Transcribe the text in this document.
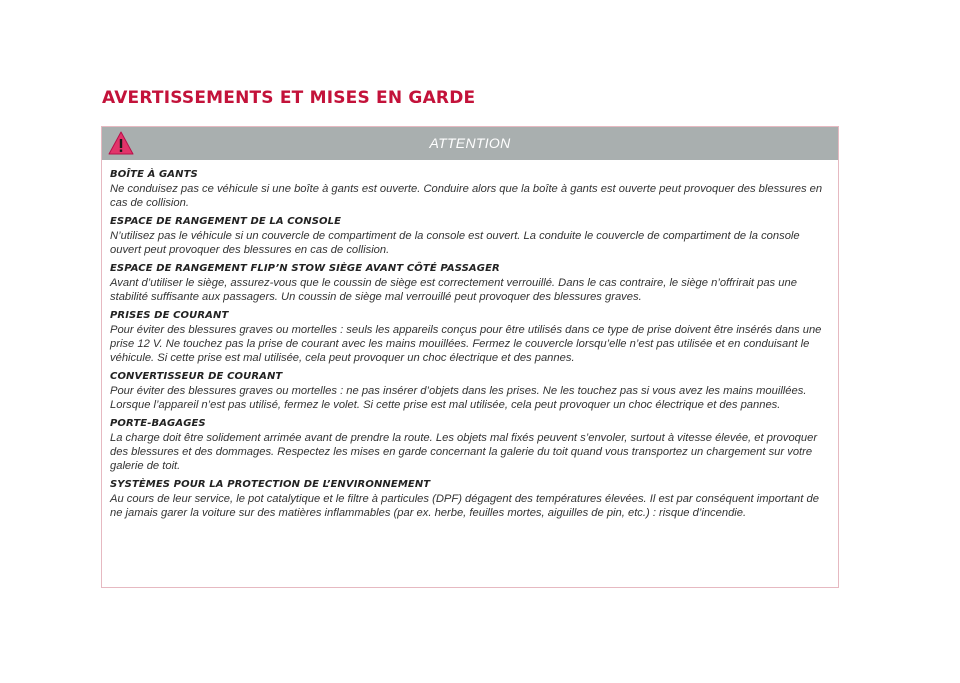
AVERTISSEMENTS ET MISES EN GARDE
ATTENTION
BOÎTE À GANTS

Ne conduisez pas ce véhicule si une boîte à gants est ouverte. Conduire alors que la boîte à gants est ouverte peut provoquer des blessures en cas de collision.

ESPACE DE RANGEMENT DE LA CONSOLE

N’utilisez pas le véhicule si un couvercle de compartiment de la console est ouvert. La conduite le couvercle de compartiment de la console ouvert peut provoquer des blessures en cas de collision.

ESPACE DE RANGEMENT FLIP’N STOW SIÈGE AVANT CÔTÉ PASSAGER

Avant d’utiliser le siège, assurez-vous que le coussin de siège est correctement verrouillé. Dans le cas contraire, le siège n’offrirait pas une stabilité suffisante aux passagers. Un coussin de siège mal verrouillé peut provoquer des blessures graves.

PRISES DE COURANT

Pour éviter des blessures graves ou mortelles : seuls les appareils conçus pour être utilisés dans ce type de prise doivent être insérés dans une prise 12 V. Ne touchez pas la prise de courant avec les mains mouillées. Fermez le couvercle lorsqu’elle n’est pas utilisée et en conduisant le véhicule. Si cette prise est mal utilisée, cela peut provoquer un choc électrique et des pannes.

CONVERTISSEUR DE COURANT

Pour éviter des blessures graves ou mortelles : ne pas insérer d’objets dans les prises. Ne les touchez pas si vous avez les mains mouillées. Lorsque l’appareil n’est pas utilisé, fermez le volet. Si cette prise est mal utilisée, cela peut provoquer un choc électrique et des pannes.

PORTE-BAGAGES

La charge doit être solidement arrimée avant de prendre la route. Les objets mal fixés peuvent s’envoler, surtout à vitesse élevée, et provoquer des blessures et des dommages. Respectez les mises en garde concernant la galerie du toit quand vous transportez un chargement sur votre galerie de toit.

SYSTÈMES POUR LA PROTECTION DE L’ENVIRONNEMENT

Au cours de leur service, le pot catalytique et le filtre à particules (DPF) dégagent des températures élevées. Il est par conséquent important de ne jamais garer la voiture sur des matières inflammables (par ex. herbe, feuilles mortes, aiguilles de pin, etc.) : risque d’incendie.
